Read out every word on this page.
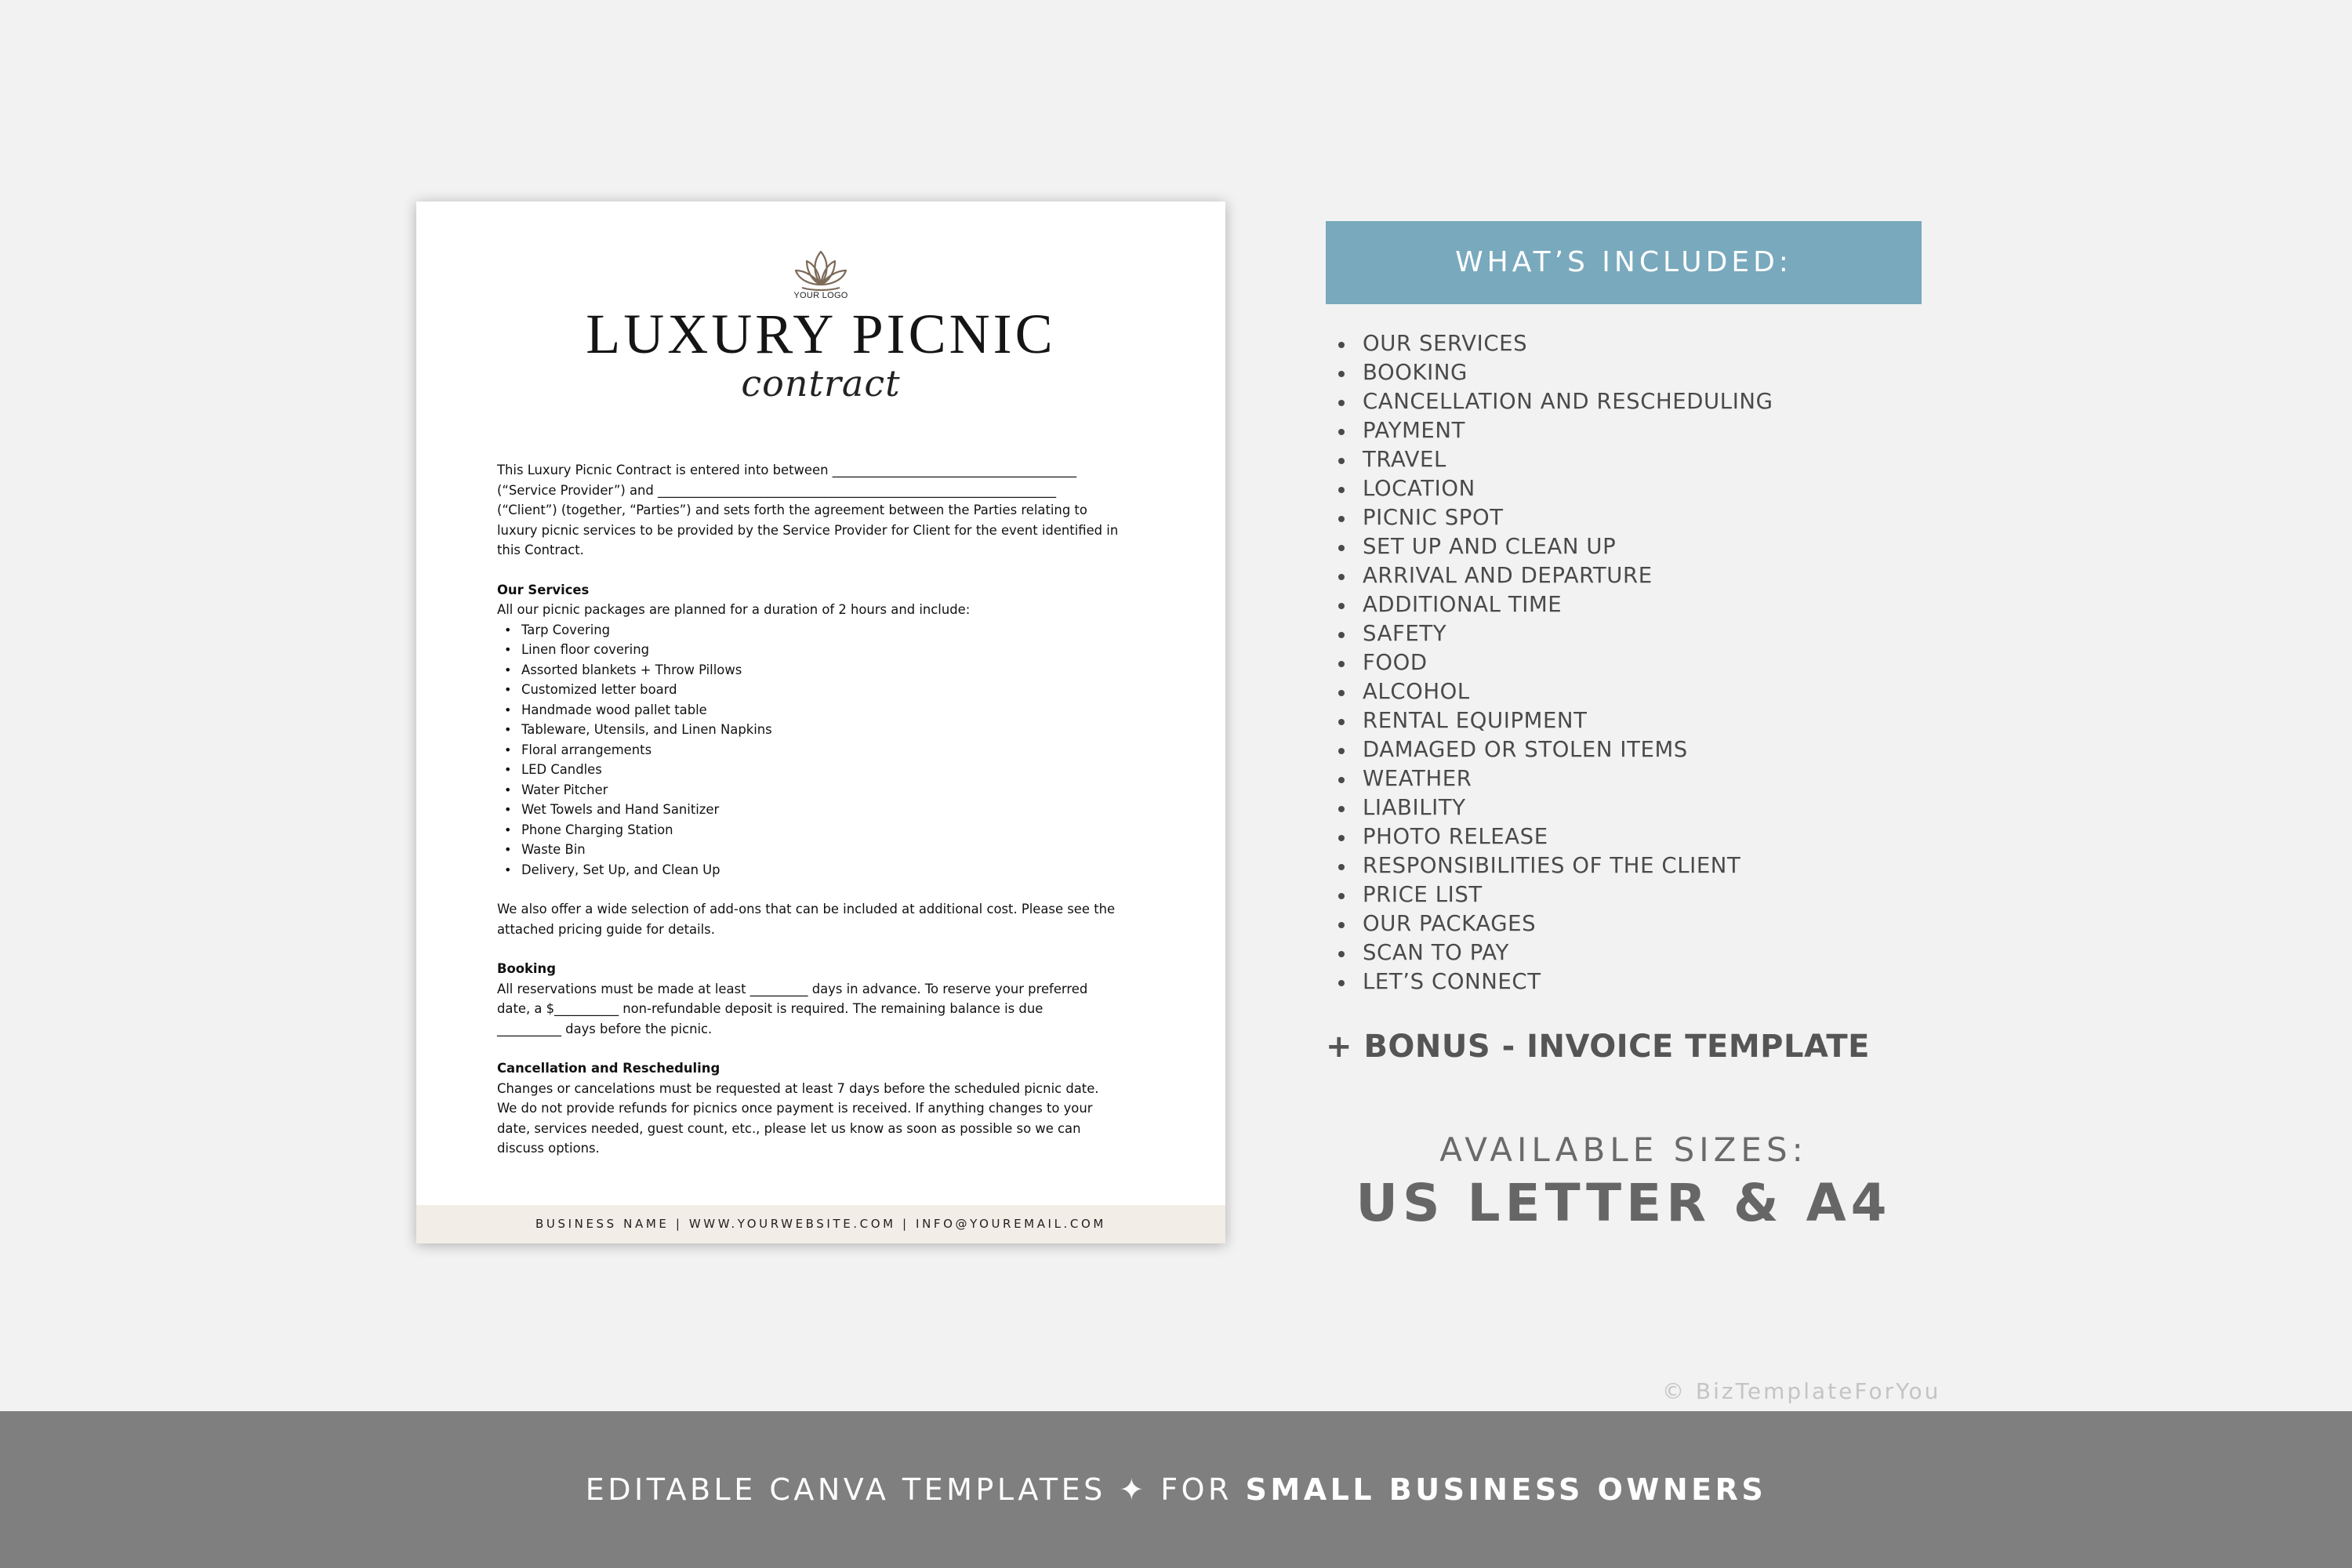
YOUR LOGO
LUXURY PICNIC

contract

This Luxury Picnic Contract is entered into between ______________________________________

(“Service Provider”) and ______________________________________________________________

(“Client”) (together, “Parties”) and sets forth the agreement between the Parties relating to

luxury picnic services to be provided by the Service Provider for Client for the event identified in

this Contract.

Our Services

All our picnic packages are planned for a duration of 2 hours and include:

• Tarp Covering
• Linen floor covering
• Assorted blankets + Throw Pillows
• Customized letter board
• Handmade wood pallet table
• Tableware, Utensils, and Linen Napkins
• Floral arrangements
• LED Candles
• Water Pitcher
• Wet Towels and Hand Sanitizer
• Phone Charging Station
• Waste Bin
• Delivery, Set Up, and Clean Up

We also offer a wide selection of add-ons that can be included at additional cost. Please see the

attached pricing guide for details.

Booking

All reservations must be made at least _________ days in advance. To reserve your preferred

date, a $__________ non-refundable deposit is required. The remaining balance is due

__________ days before the picnic.

Cancellation and Rescheduling

Changes or cancelations must be requested at least 7 days before the scheduled picnic date.

We do not provide refunds for picnics once payment is received. If anything changes to your

date, services needed, guest count, etc., please let us know as soon as possible so we can

discuss options.

BUSINESS NAME | WWW.YOURWEBSITE.COM | INFO@YOUREMAIL.COM
WHAT’S INCLUDED:
OUR SERVICES
BOOKING
CANCELLATION AND RESCHEDULING
PAYMENT
TRAVEL
LOCATION
PICNIC SPOT
SET UP AND CLEAN UP
ARRIVAL AND DEPARTURE
ADDITIONAL TIME
SAFETY
FOOD
ALCOHOL
RENTAL EQUIPMENT
DAMAGED OR STOLEN ITEMS
WEATHER
LIABILITY
PHOTO RELEASE
RESPONSIBILITIES OF THE CLIENT
PRICE LIST
OUR PACKAGES
SCAN TO PAY
LET’S CONNECT

+ BONUS - INVOICE TEMPLATE

AVAILABLE SIZES:
US LETTER & A4
© BizTemplateForYou
EDITABLE CANVA TEMPLATES ✦ FOR SMALL BUSINESS OWNERS
